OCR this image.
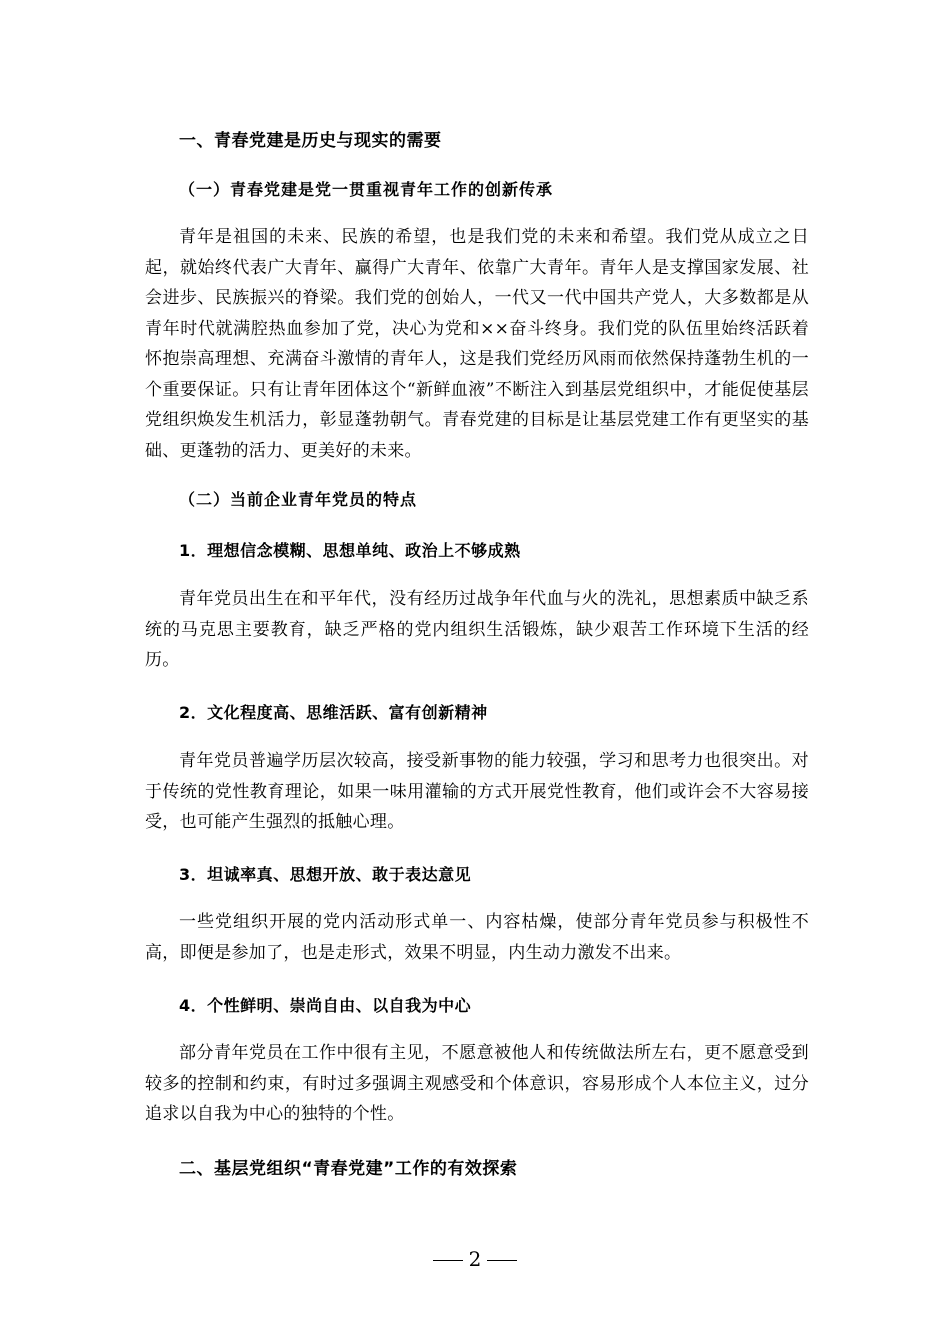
一、青春党建是历史与现实的需要
（一）青春党建是党一贯重视青年工作的创新传承
青年是祖国的未来、民族的希望，也是我们党的未来和希望。我们党从成立之日起，就始终代表广大青年、赢得广大青年、依靠广大青年。青年人是支撑国家发展、社会进步、民族振兴的脊梁。我们党的创始人，一代又一代中国共产党人，大多数都是从青年时代就满腔热血参加了党，决心为党和××奋斗终身。我们党的队伍里始终活跃着怀抱崇高理想、充满奋斗激情的青年人，这是我们党经历风雨而依然保持蓬勃生机的一个重要保证。只有让青年团体这个“新鲜血液”不断注入到基层党组织中，才能促使基层党组织焕发生机活力，彰显蓬勃朝气。青春党建的目标是让基层党建工作有更坚实的基础、更蓬勃的活力、更美好的未来。
（二）当前企业青年党员的特点
1．理想信念模糊、思想单纯、政治上不够成熟
青年党员出生在和平年代，没有经历过战争年代血与火的洗礼，思想素质中缺乏系统的马克思主要教育，缺乏严格的党内组织生活锻炼，缺少艰苦工作环境下生活的经历。
2．文化程度高、思维活跃、富有创新精神
青年党员普遍学历层次较高，接受新事物的能力较强，学习和思考力也很突出。对于传统的党性教育理论，如果一味用灌输的方式开展党性教育，他们或许会不大容易接受，也可能产生强烈的抵触心理。
3．坦诚率真、思想开放、敢于表达意见
一些党组织开展的党内活动形式单一、内容枯燥，使部分青年党员参与积极性不高，即便是参加了，也是走形式，效果不明显，内生动力激发不出来。
4．个性鲜明、崇尚自由、以自我为中心
部分青年党员在工作中很有主见，不愿意被他人和传统做法所左右，更不愿意受到较多的控制和约束，有时过多强调主观感受和个体意识，容易形成个人本位主义，过分追求以自我为中心的独特的个性。
二、基层党组织“青春党建”工作的有效探索
2
